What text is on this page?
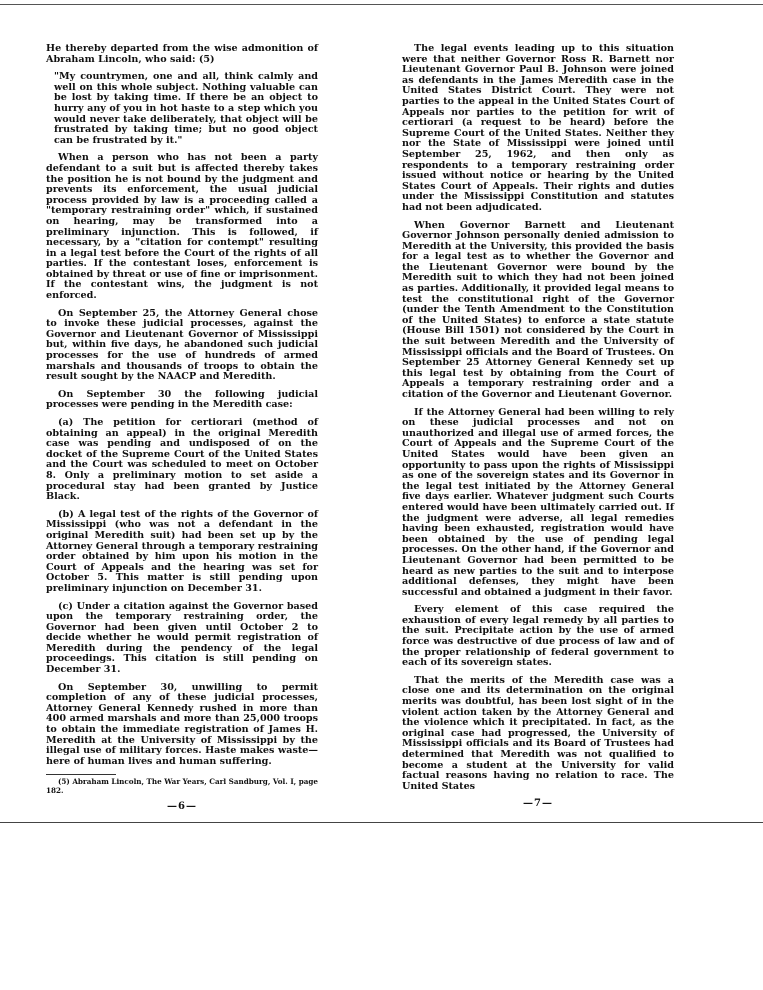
He thereby departed from the wise admonition of Abraham Lincoln, who said: (5)

"My countrymen, one and all, think calmly and well on this whole subject. Nothing valuable can be lost by taking time. If there be an object to hurry any of you in hot haste to a step which you would never take deliberately, that object will be frustrated by taking time; but no good object can be frustrated by it."

When a person who has not been a party defendant to a suit but is affected thereby takes the position he is not bound by the judgment and prevents its enforcement, the usual judicial process provided by law is a proceeding called a "temporary restraining order" which, if sustained on hearing, may be transformed into a preliminary injunction. This is followed, if necessary, by a "citation for contempt" resulting in a legal test before the Court of the rights of all parties. If the contestant loses, enforcement is obtained by threat or use of fine or imprisonment. If the contestant wins, the judgment is not enforced.

On September 25, the Attorney General chose to invoke these judicial processes, against the Governor and Lieutenant Governor of Mississippi but, within five days, he abandoned such judicial processes for the use of hundreds of armed marshals and thousands of troops to obtain the result sought by the NAACP and Meredith.

On September 30 the following judicial processes were pending in the Meredith case:

(a) The petition for certiorari (method of obtaining an appeal) in the original Meredith case was pending and undisposed of on the docket of the Supreme Court of the United States and the Court was scheduled to meet on October 8. Only a preliminary motion to set aside a procedural stay had been granted by Justice Black.

(b) A legal test of the rights of the Governor of Mississippi (who was not a defendant in the original Meredith suit) had been set up by the Attorney General through a temporary restraining order obtained by him upon his motion in the Court of Appeals and the hearing was set for October 5. This matter is still pending upon preliminary injunction on December 31.

(c) Under a citation against the Governor based upon the temporary restraining order, the Governor had been given until October 2 to decide whether he would permit registration of Meredith during the pendency of the legal proceedings. This citation is still pending on December 31.

On September 30, unwilling to permit completion of any of these judicial processes, Attorney General Kennedy rushed in more than 400 armed marshals and more than 25,000 troops to obtain the immediate registration of James H. Meredith at the University of Mississippi by the illegal use of military forces. Haste makes waste—here of human lives and human suffering.

(5) Abraham Lincoln, The War Years, Carl Sandburg, Vol. I, page 182.

—6—

The legal events leading up to this situation were that neither Governor Ross R. Barnett nor Lieutenant Governor Paul B. Johnson were joined as defendants in the James Meredith case in the United States District Court. They were not parties to the appeal in the United States Court of Appeals nor parties to the petition for writ of certiorari (a request to be heard) before the Supreme Court of the United States. Neither they nor the State of Mississippi were joined until September 25, 1962, and then only as respondents to a temporary restraining order issued without notice or hearing by the United States Court of Appeals. Their rights and duties under the Mississippi Constitution and statutes had not been adjudicated.

When Governor Barnett and Lieutenant Governor Johnson personally denied admission to Meredith at the University, this provided the basis for a legal test as to whether the Governor and the Lieutenant Governor were bound by the Meredith suit to which they had not been joined as parties. Additionally, it provided legal means to test the constitutional right of the Governor (under the Tenth Amendment to the Constitution of the United States) to enforce a state statute (House Bill 1501) not considered by the Court in the suit between Meredith and the University of Mississippi officials and the Board of Trustees. On September 25 Attorney General Kennedy set up this legal test by obtaining from the Court of Appeals a temporary restraining order and a citation of the Governor and Lieutenant Governor.

If the Attorney General had been willing to rely on these judicial processes and not on unauthorized and illegal use of armed forces, the Court of Appeals and the Supreme Court of the United States would have been given an opportunity to pass upon the rights of Mississippi as one of the sovereign states and its Governor in the legal test initiated by the Attorney General five days earlier. Whatever judgment such Courts entered would have been ultimately carried out. If the judgment were adverse, all legal remedies having been exhausted, registration would have been obtained by the use of pending legal processes. On the other hand, if the Governor and Lieutenant Governor had been permitted to be heard as new parties to the suit and to interpose additional defenses, they might have been successful and obtained a judgment in their favor.

Every element of this case required the exhaustion of every legal remedy by all parties to the suit. Precipitate action by the use of armed force was destructive of due process of law and of the proper relationship of federal government to each of its sovereign states.

That the merits of the Meredith case was a close one and its determination on the original merits was doubtful, has been lost sight of in the violent action taken by the Attorney General and the violence which it precipitated. In fact, as the original case had progressed, the University of Mississippi officials and its Board of Trustees had determined that Meredith was not qualified to become a student at the University for valid factual reasons having no relation to race. The United States

—7—
